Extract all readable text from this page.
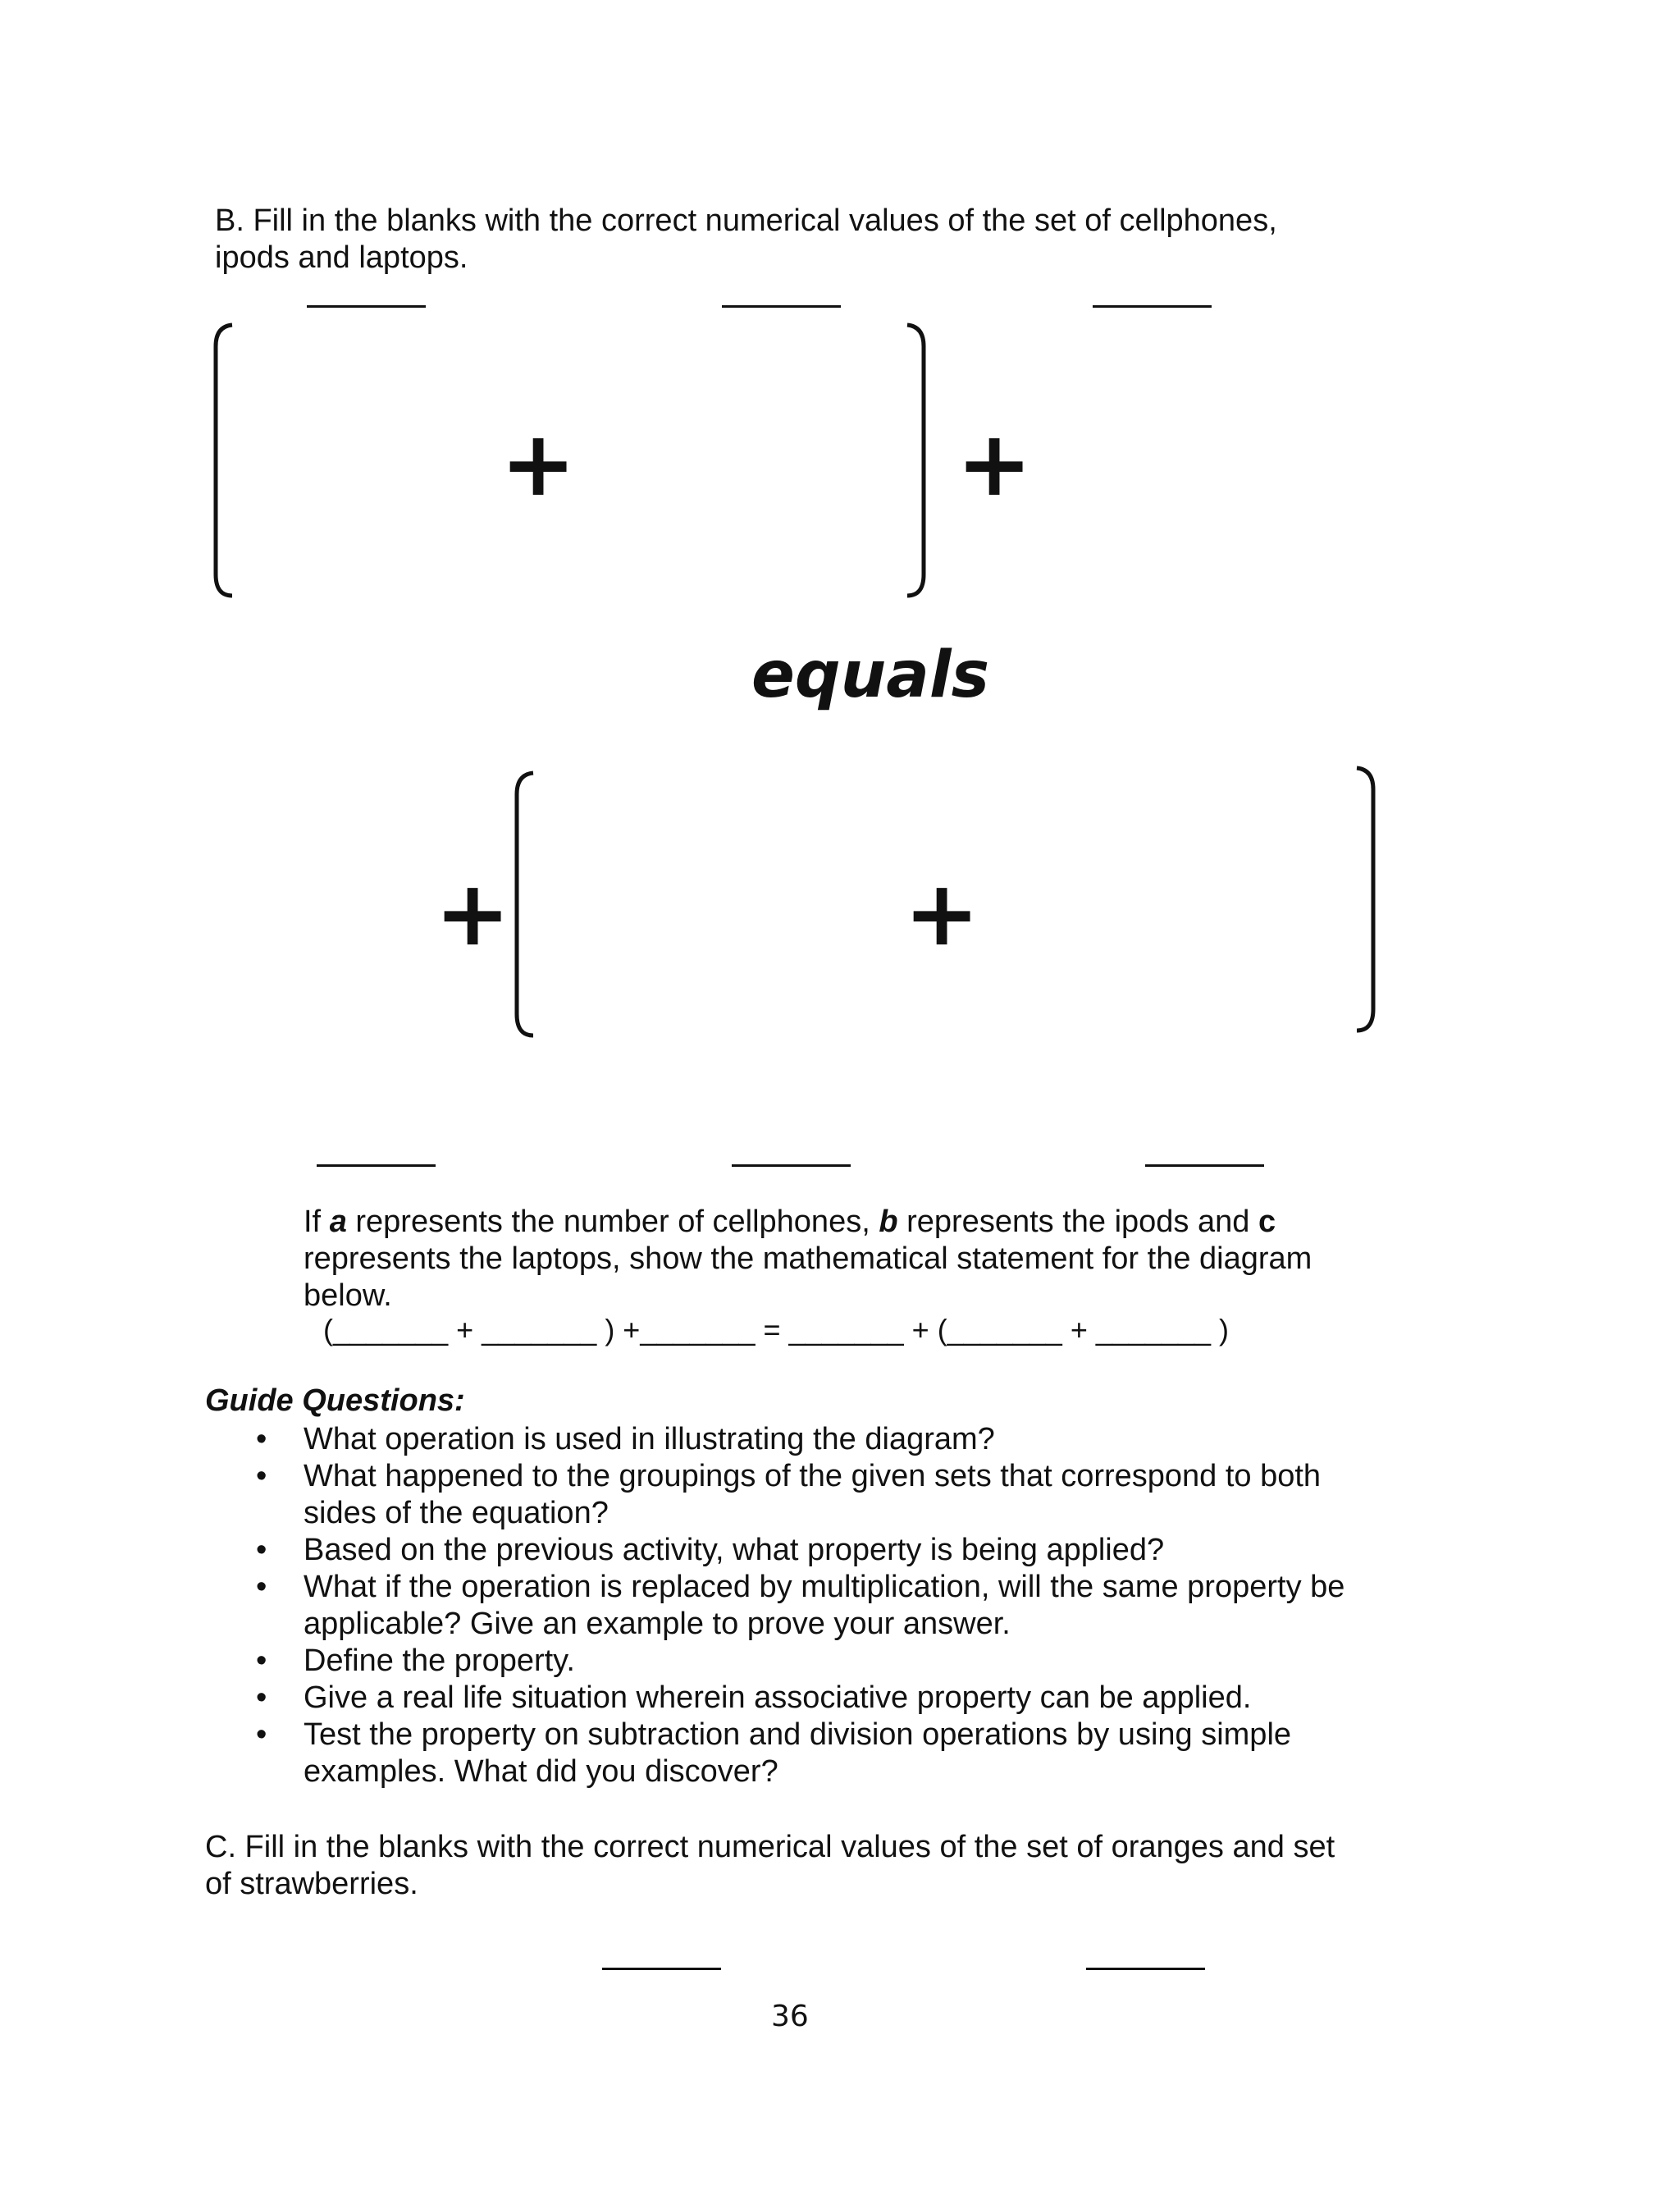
B. Fill in the blanks with the correct numerical values of the set of cellphones, ipods and laptops.
+	+
equals
+	+
If a represents the number of cellphones, b represents the ipods and c represents the laptops, show the mathematical statement for the diagram below.
(_______ + _______ ) +_______ = _______ + (_______ + _______ )
Guide Questions:
• What operation is used in illustrating the diagram?
• What happened to the groupings of the given sets that correspond to both sides of the equation?
• Based on the previous activity, what property is being applied?
• What if the operation is replaced by multiplication, will the same property be applicable? Give an example to prove your answer.
• Define the property.
• Give a real life situation wherein associative property can be applied.
• Test the property on subtraction and division operations by using simple examples. What did you discover?
C. Fill in the blanks with the correct numerical values of the set of oranges and set of strawberries.
36
